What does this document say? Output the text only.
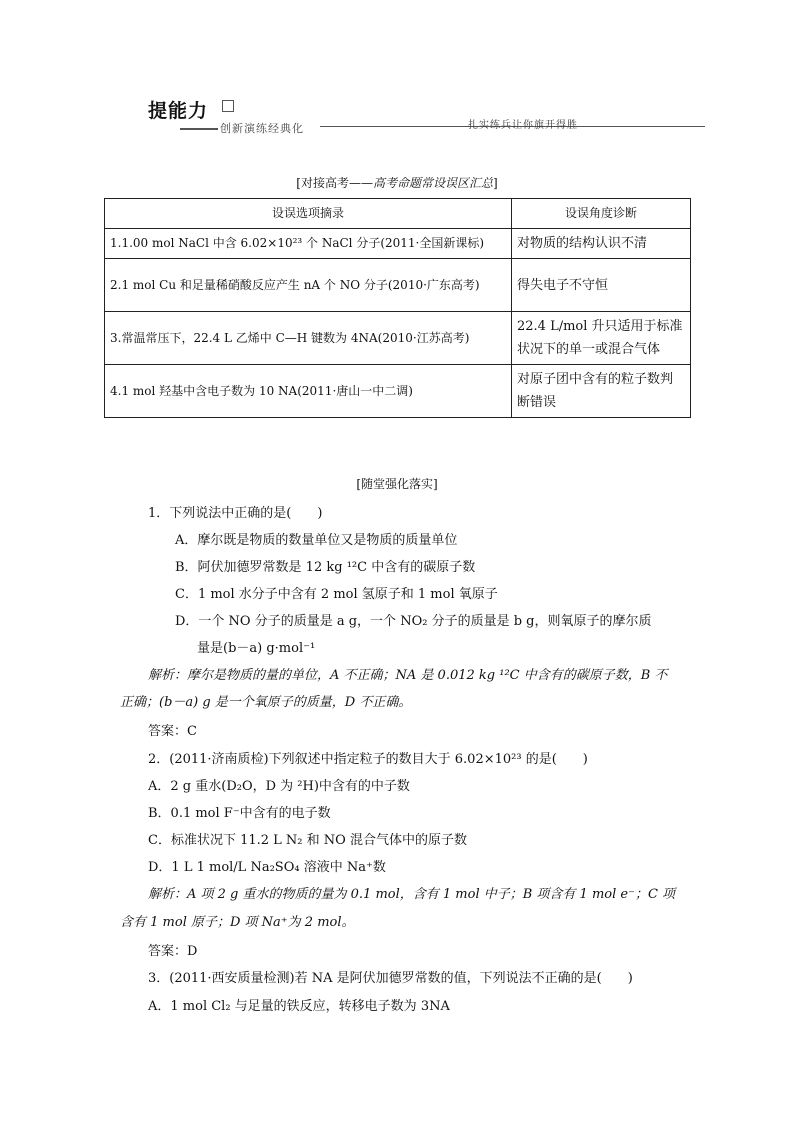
提能力
创新演练经典化	扎实练兵让你旗开得胜
[对接高考——高考命题常设误区汇总]
设误选项摘录	设误角度诊断
1.1.00 mol NaCl 中含 6.02×10²³ 个 NaCl 分子(2011·全国新课标)	对物质的结构认识不清
2.1 mol Cu 和足量稀硝酸反应产生 nA 个 NO 分子(2010·广东高考)	得失电子不守恒
3.常温常压下，22.4 L 乙烯中 C—H 键数为 4NA(2010·江苏高考)	22.4 L/mol 升只适用于标准状况下的单一或混合气体
4.1 mol 羟基中含电子数为 10 NA(2011·唐山一中二调)	对原子团中含有的粒子数判断错误
[随堂强化落实]
1．下列说法中正确的是(　　)
A．摩尔既是物质的数量单位又是物质的质量单位
B．阿伏加德罗常数是 12 kg ¹²C 中含有的碳原子数
C．1 mol 水分子中含有 2 mol 氢原子和 1 mol 氧原子
D．一个 NO 分子的质量是 a g，一个 NO₂ 分子的质量是 b g，则氧原子的摩尔质
量是(b－a) g·mol⁻¹
解析：摩尔是物质的量的单位，A 不正确；NA 是 0.012 kg ¹²C 中含有的碳原子数，B 不
正确；(b－a) g 是一个氧原子的质量，D 不正确。
答案：C
2．(2011·济南质检)下列叙述中指定粒子的数目大于 6.02×10²³ 的是(　　)
A．2 g 重水(D₂O，D 为 ²H)中含有的中子数
B．0.1 mol F⁻中含有的电子数
C．标准状况下 11.2 L N₂ 和 NO 混合气体中的原子数
D．1 L 1 mol/L Na₂SO₄ 溶液中 Na⁺数
解析：A 项 2 g 重水的物质的量为 0.1 mol，含有 1 mol 中子；B 项含有 1 mol e⁻；C 项
含有 1 mol 原子；D 项 Na⁺为 2 mol。
答案：D
3．(2011·西安质量检测)若 NA 是阿伏加德罗常数的值，下列说法不正确的是(　　)
A．1 mol Cl₂ 与足量的铁反应，转移电子数为 3NA
